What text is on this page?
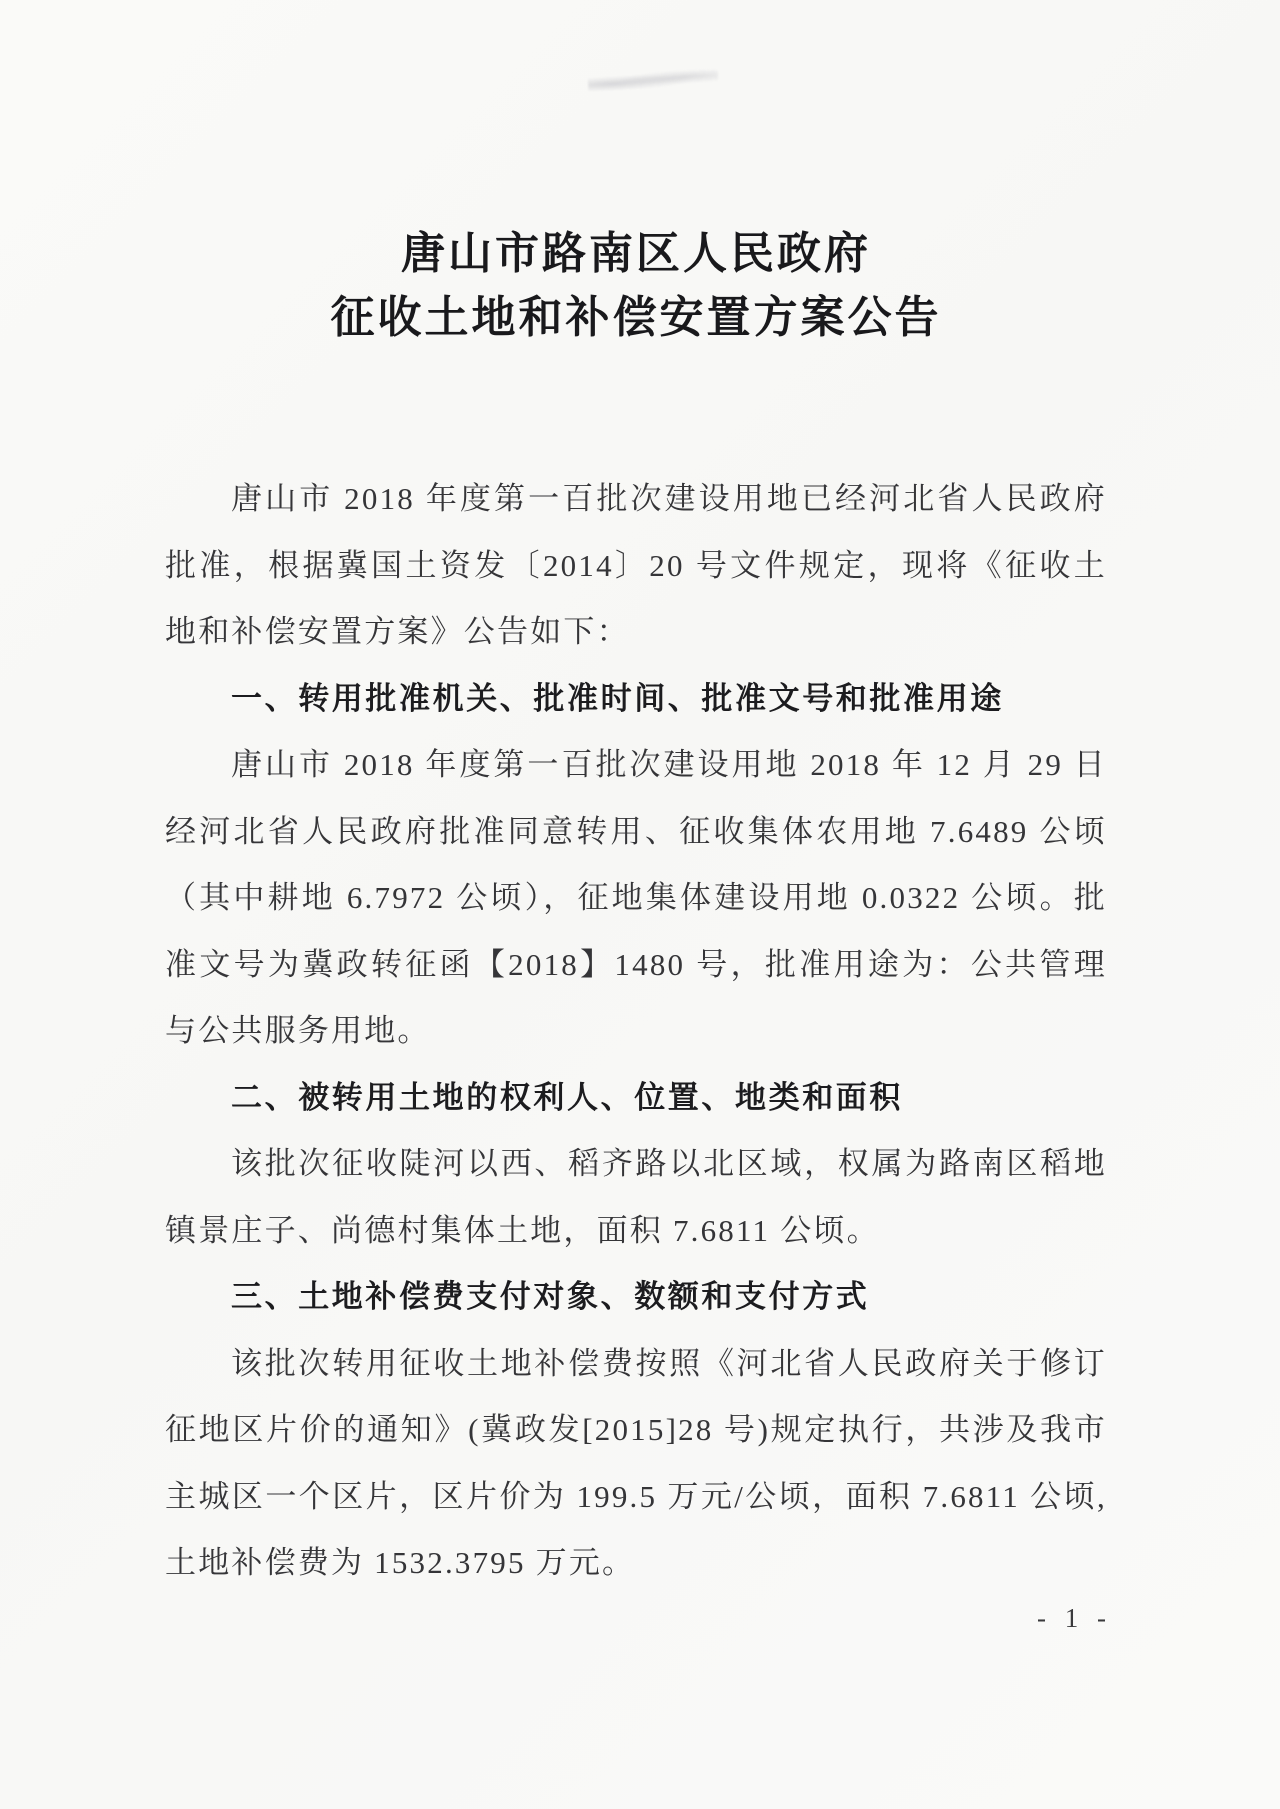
唐山市路南区人民政府
征收土地和补偿安置方案公告

唐山市 2018 年度第一百批次建设用地已经河北省人民政府批准，根据冀国土资发〔2014〕20 号文件规定，现将《征收土地和补偿安置方案》公告如下：

一、转用批准机关、批准时间、批准文号和批准用途

唐山市 2018 年度第一百批次建设用地 2018 年 12 月 29 日经河北省人民政府批准同意转用、征收集体农用地 7.6489 公顷（其中耕地 6.7972 公顷），征地集体建设用地 0.0322 公顷。批准文号为冀政转征函【2018】1480 号，批准用途为：公共管理与公共服务用地。

二、被转用土地的权利人、位置、地类和面积

该批次征收陡河以西、稻齐路以北区域，权属为路南区稻地镇景庄子、尚德村集体土地，面积 7.6811 公顷。

三、土地补偿费支付对象、数额和支付方式

该批次转用征收土地补偿费按照《河北省人民政府关于修订征地区片价的通知》(冀政发[2015]28 号)规定执行，共涉及我市主城区一个区片，区片价为 199.5 万元/公顷，面积 7.6811 公顷,土地补偿费为 1532.3795 万元。

- 1 -
